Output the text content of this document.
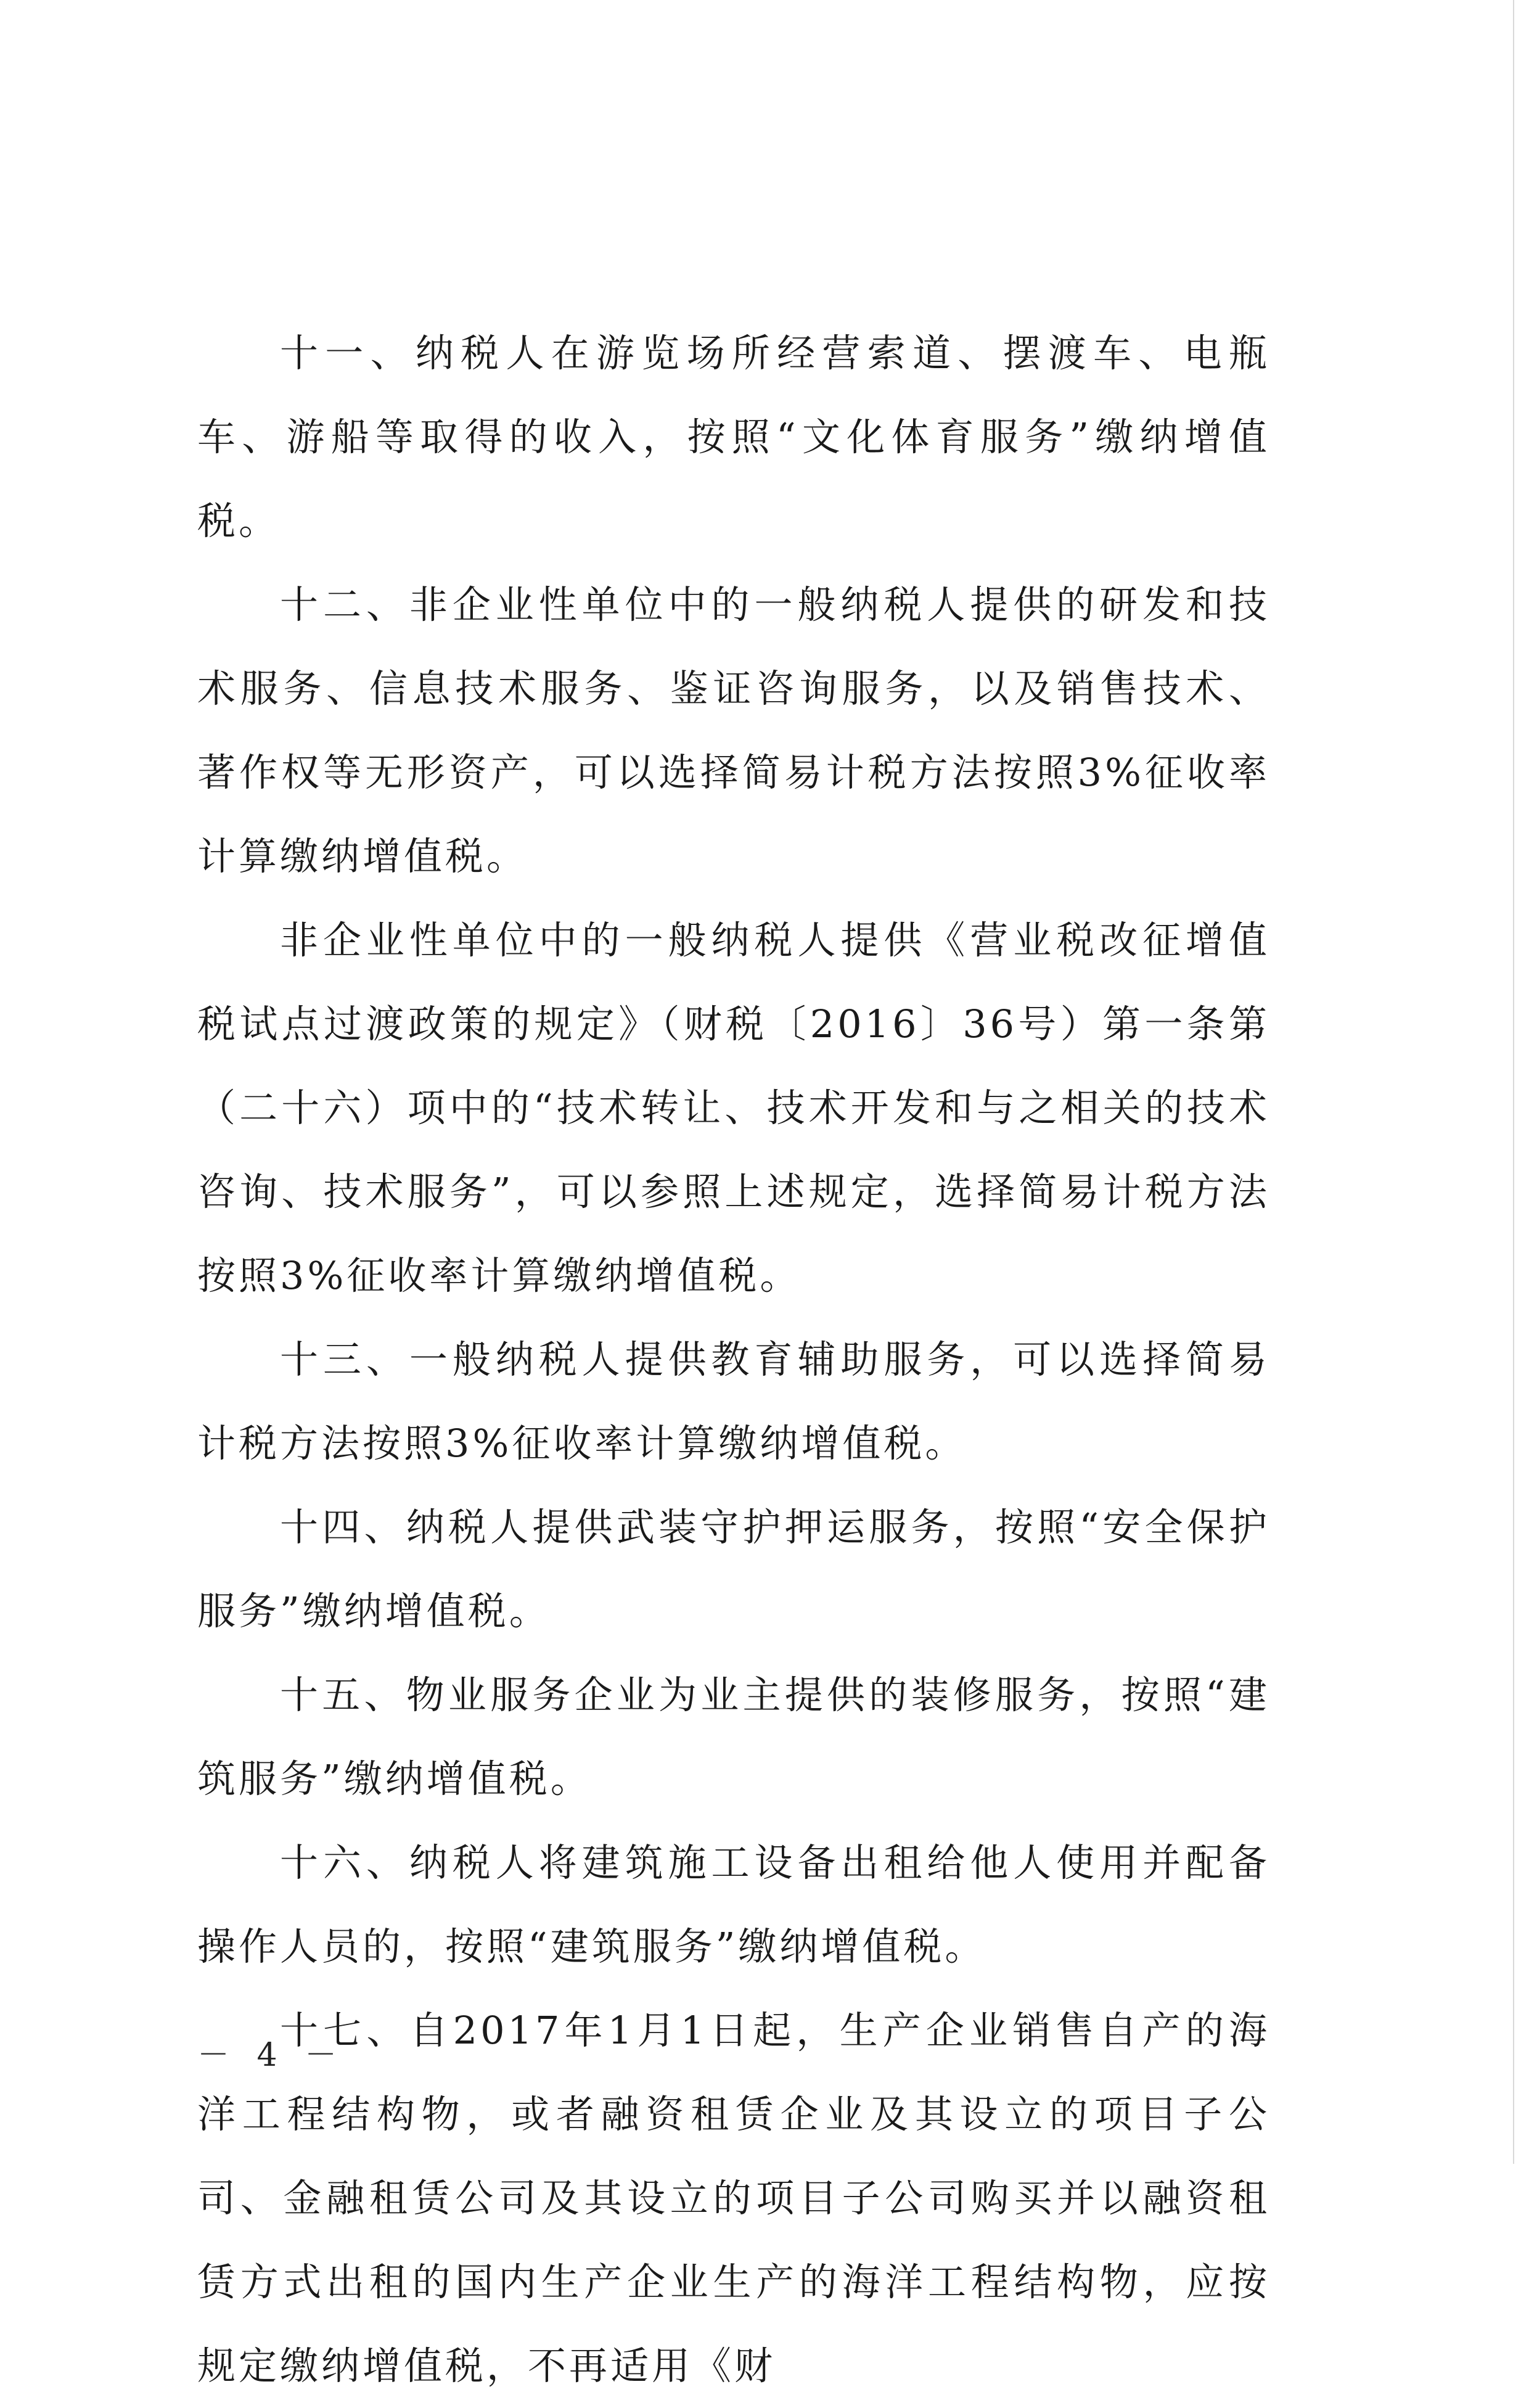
十一、纳税人在游览场所经营索道、摆渡车、电瓶车、游船等取得的收入，按照“文化体育服务”缴纳增值税。

十二、非企业性单位中的一般纳税人提供的研发和技术服务、信息技术服务、鉴证咨询服务，以及销售技术、著作权等无形资产，可以选择简易计税方法按照3%征收率计算缴纳增值税。

非企业性单位中的一般纳税人提供《营业税改征增值税试点过渡政策的规定》（财税〔2016〕36号）第一条第（二十六）项中的“技术转让、技术开发和与之相关的技术咨询、技术服务”，可以参照上述规定，选择简易计税方法按照3%征收率计算缴纳增值税。

十三、一般纳税人提供教育辅助服务，可以选择简易计税方法按照3%征收率计算缴纳增值税。

十四、纳税人提供武装守护押运服务，按照“安全保护服务”缴纳增值税。

十五、物业服务企业为业主提供的装修服务，按照“建筑服务”缴纳增值税。

十六、纳税人将建筑施工设备出租给他人使用并配备操作人员的，按照“建筑服务”缴纳增值税。

十七、自2017年1月1日起，生产企业销售自产的海洋工程结构物，或者融资租赁企业及其设立的项目子公司、金融租赁公司及其设立的项目子公司购买并以融资租赁方式出租的国内生产企业生产的海洋工程结构物，应按规定缴纳增值税，不再适用《财

－ 4 －
